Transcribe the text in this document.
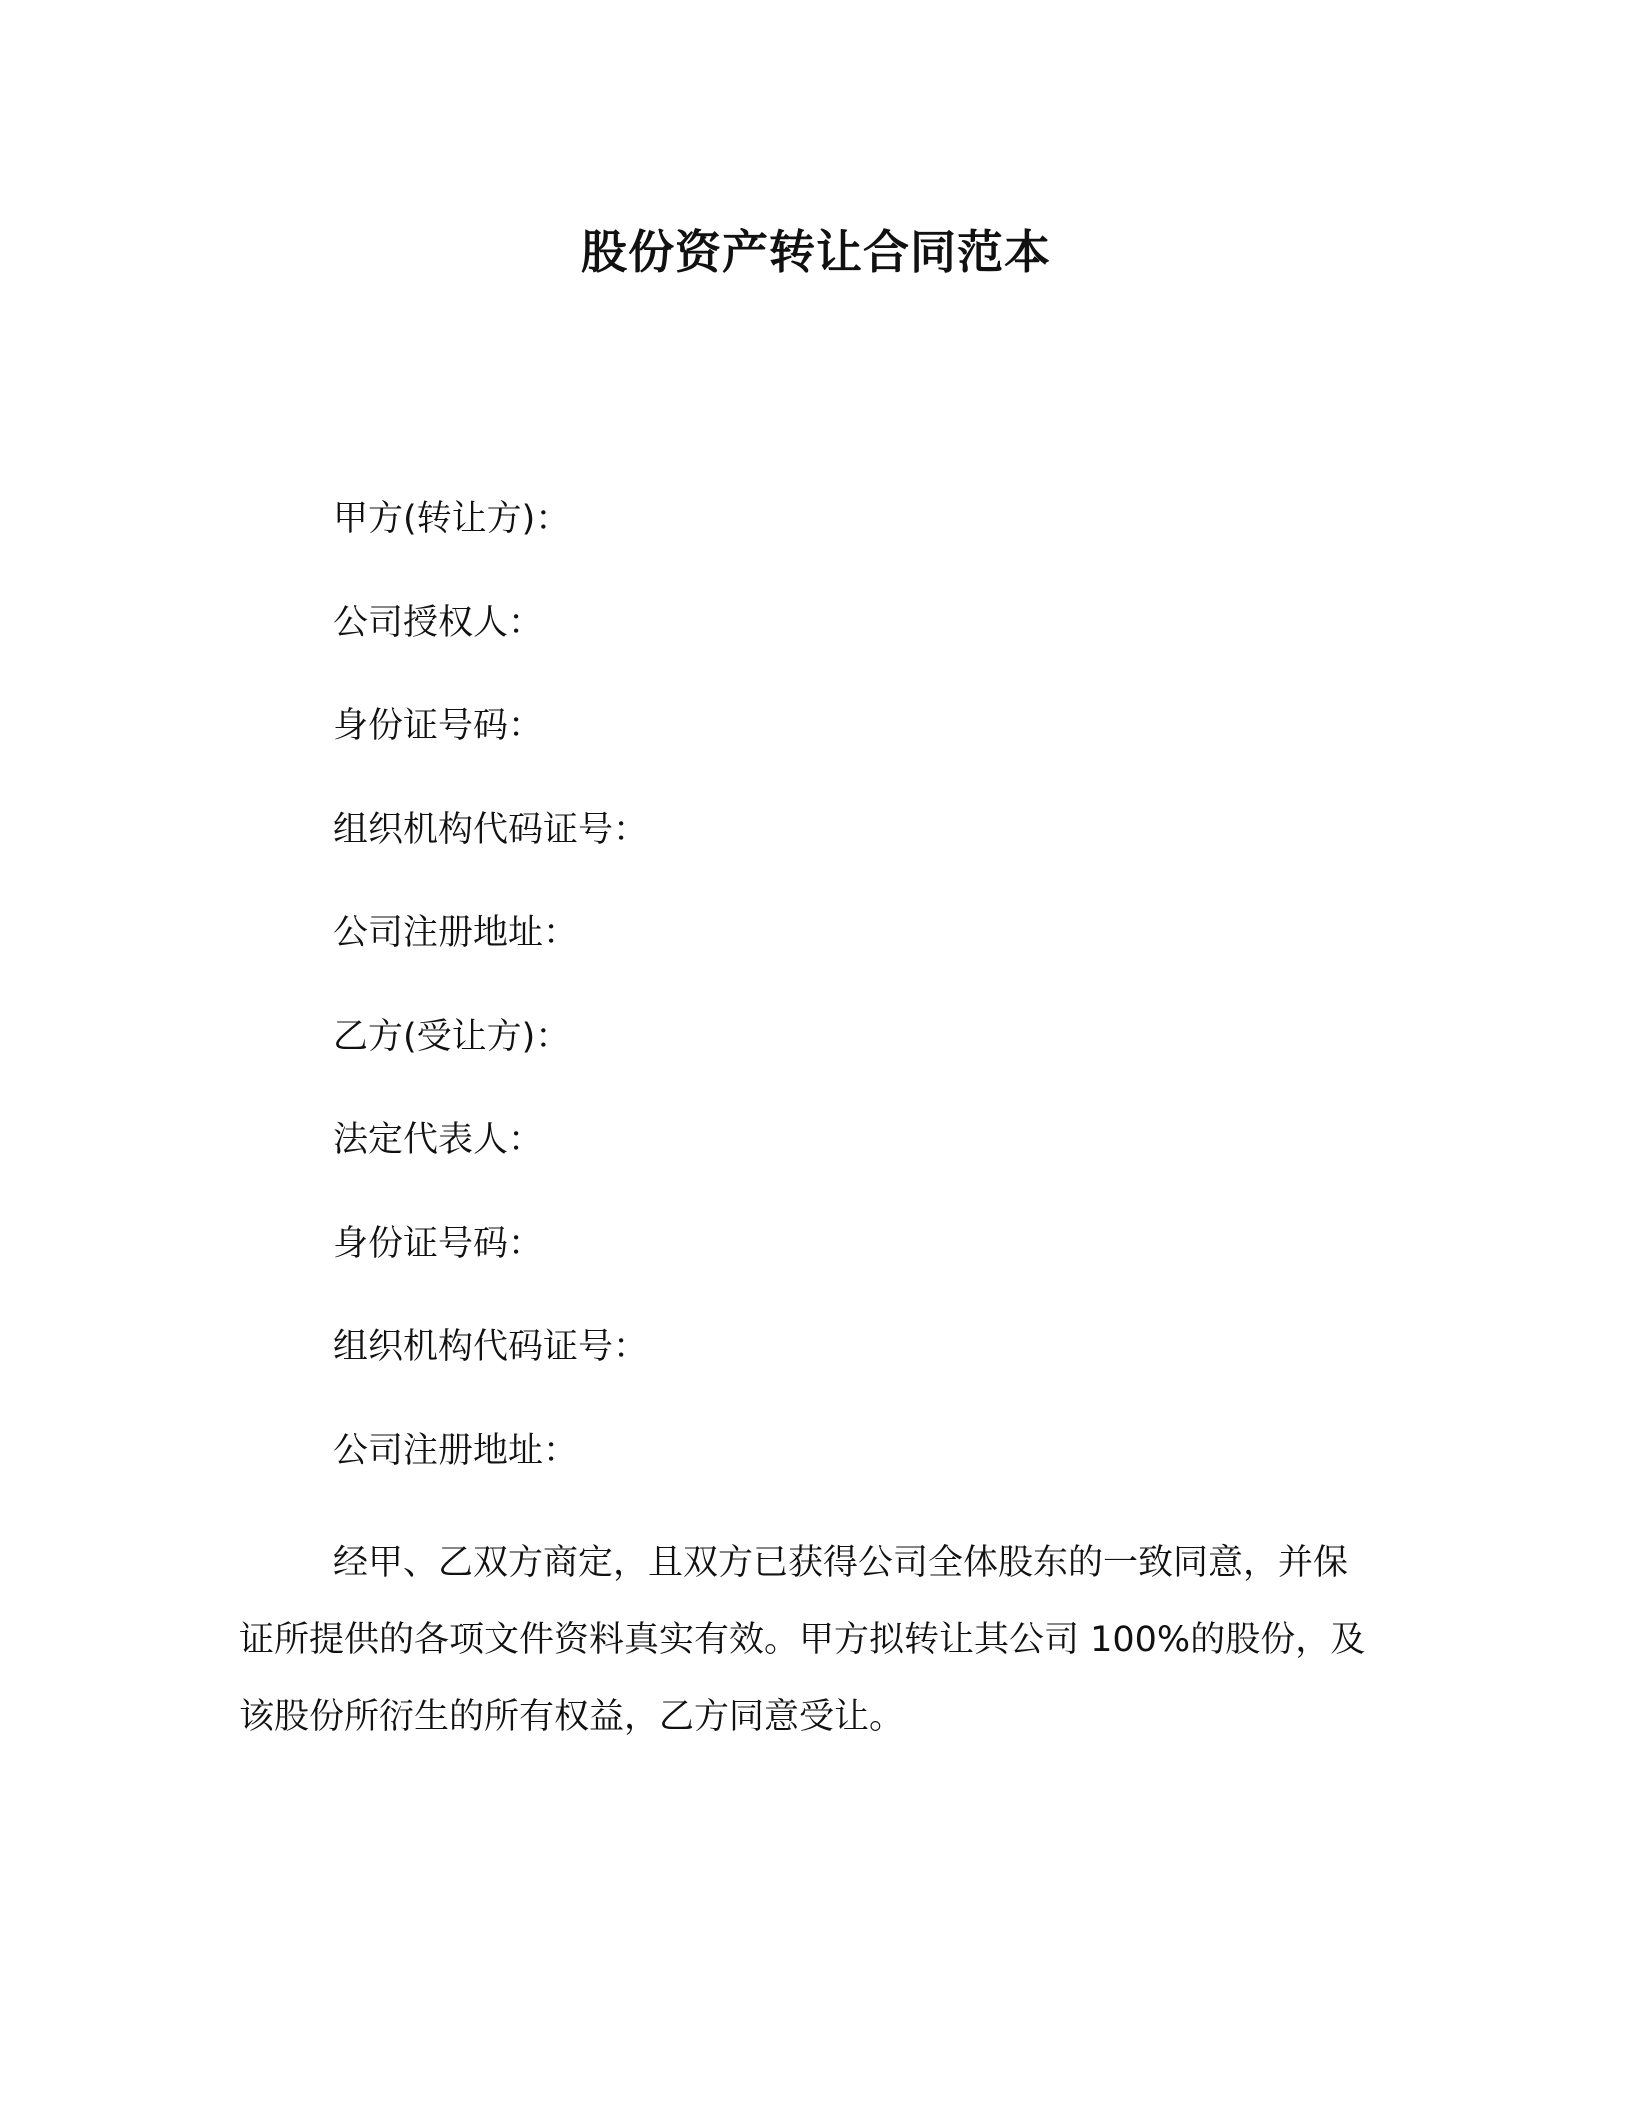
股份资产转让合同范本
甲方(转让方)：
公司授权人：
身份证号码：
组织机构代码证号：
公司注册地址：
乙方(受让方)：
法定代表人：
身份证号码：
组织机构代码证号：
公司注册地址：

经甲、乙双方商定，且双方已获得公司全体股东的一致同意，并保证所提供的各项文件资料真实有效。甲方拟转让其公司 100%的股份，及该股份所衍生的所有权益，乙方同意受让。
